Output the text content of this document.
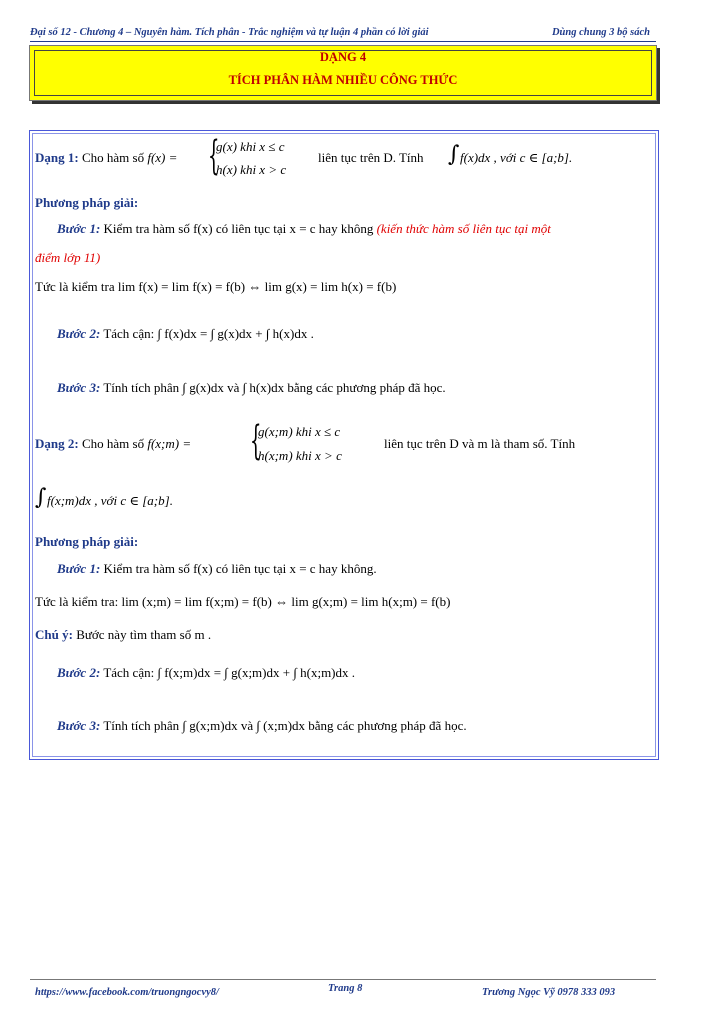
Đại số 12 - Chương 4 – Nguyên hàm. Tích phân - Trắc nghiệm và tự luận 4 phần có lời giải	Dùng chung 3 bộ sách
DẠNG 4
TÍCH PHÂN HÀM NHIỀU CÔNG THỨC
Dạng 1: Cho hàm số f(x) = {
g(x) khi x ≤ c
h(x) khi x > c
liên tục trên D. Tính ∫ f(x)dx , với c ∈ [a;b].
Phương pháp giải:
Bước 1: Kiểm tra hàm số f(x) có liên tục tại x = c hay không (kiến thức hàm số liên tục tại một
điểm lớp 11)
Tức là kiểm tra lim f(x) = lim f(x) = f(b) ⇔ lim g(x) = lim h(x) = f(b)
Bước 2: Tách cận: ∫ f(x)dx = ∫ g(x)dx + ∫ h(x)dx .
Bước 3: Tính tích phân ∫ g(x)dx và ∫ h(x)dx bằng các phương pháp đã học.
Dạng 2: Cho hàm số f(x;m) = {
g(x;m) khi x ≤ c
h(x;m) khi x > c
liên tục trên D và m là tham số. Tính
∫ f(x;m)dx , với c ∈ [a;b].
Phương pháp giải:
Bước 1: Kiểm tra hàm số f(x) có liên tục tại x = c hay không.
Tức là kiểm tra: lim (x;m) = lim f(x;m) = f(b) ⇔ lim g(x;m) = lim h(x;m) = f(b)
Chú ý: Bước này tìm tham số m .
Bước 2: Tách cận: ∫ f(x;m)dx = ∫ g(x;m)dx + ∫ h(x;m)dx .
Bước 3: Tính tích phân ∫ g(x;m)dx và ∫ (x;m)dx bằng các phương pháp đã học.
https://www.facebook.com/truongngocvy8/	Trang 8	Trương Ngọc Vỹ 0978 333 093
